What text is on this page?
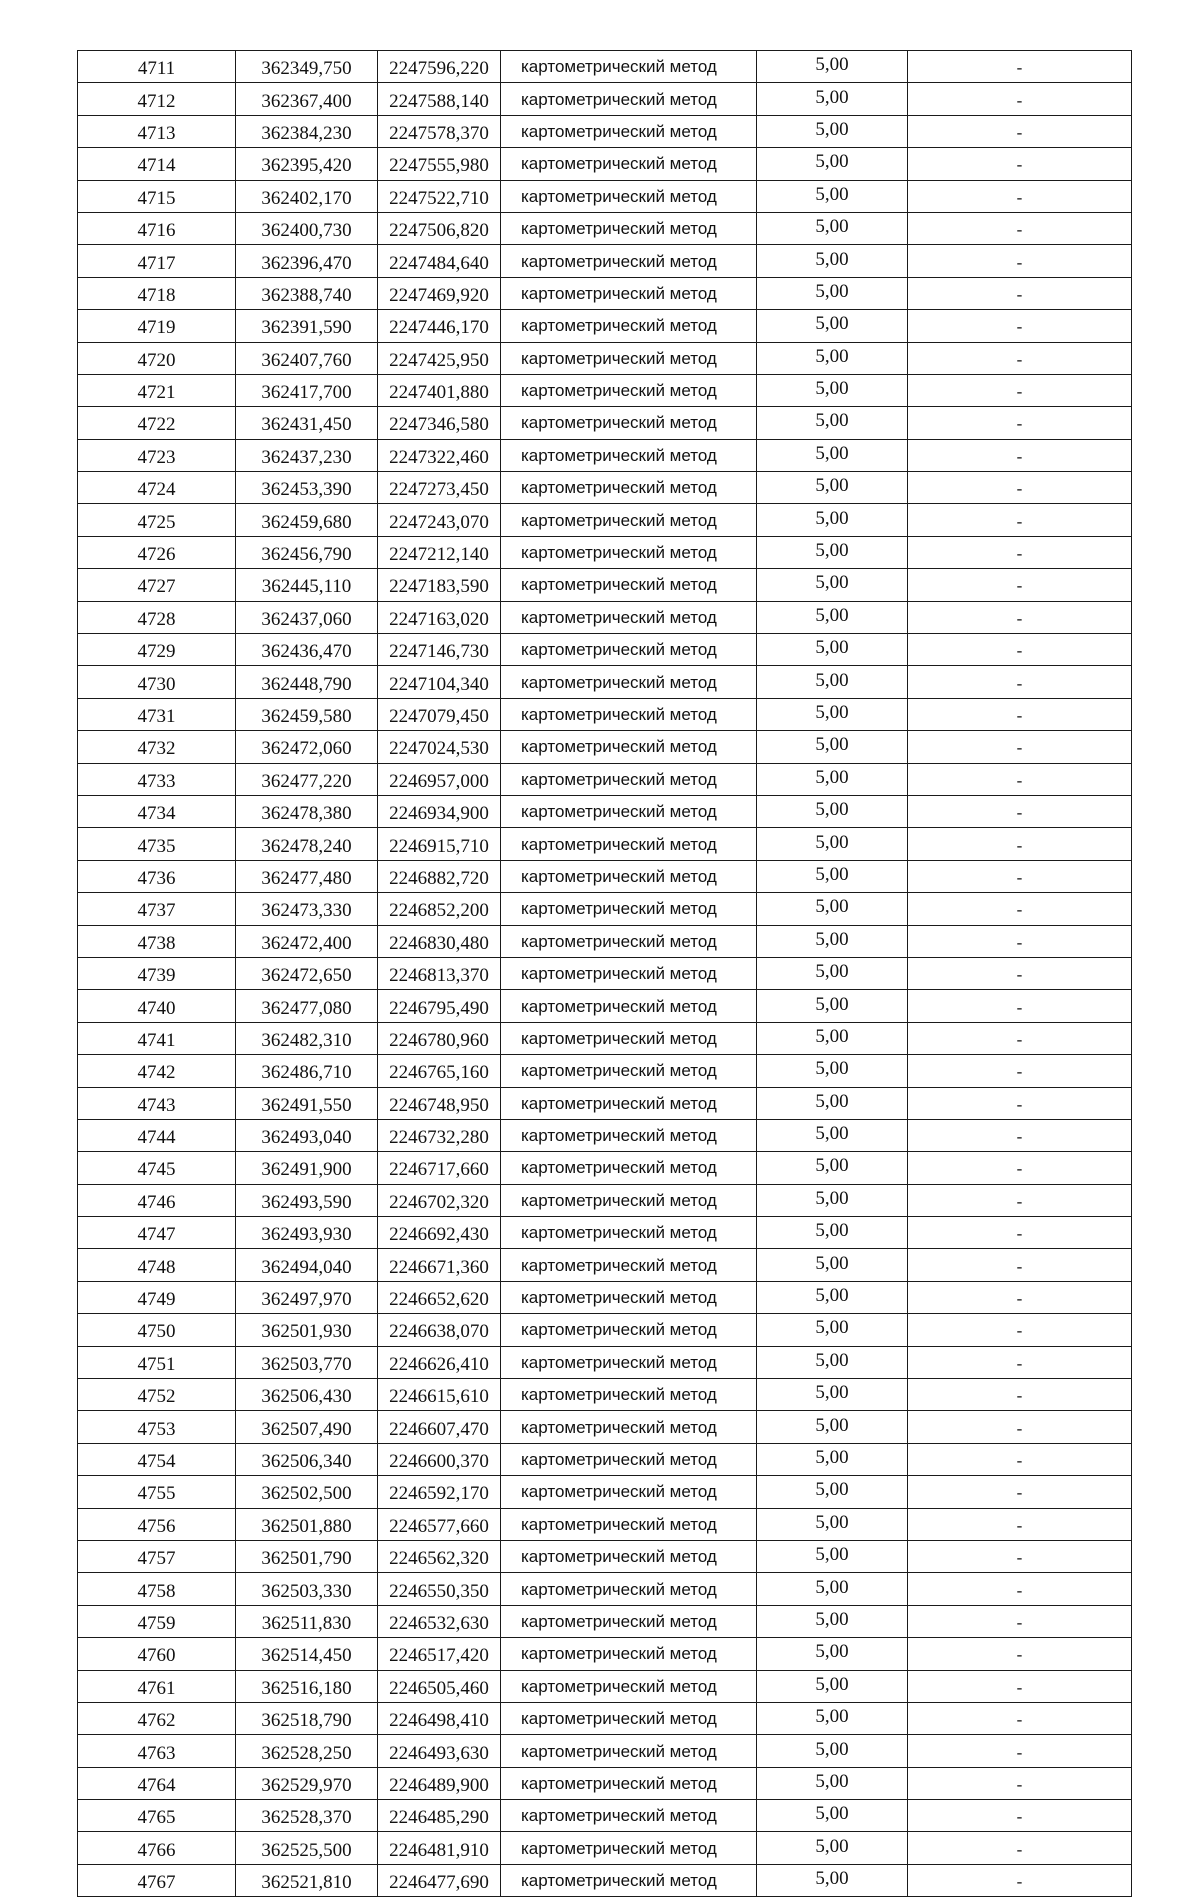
4711	362349,750	2247596,220	картометрический метод	5,00	-
4712	362367,400	2247588,140	картометрический метод	5,00	-
4713	362384,230	2247578,370	картометрический метод	5,00	-
4714	362395,420	2247555,980	картометрический метод	5,00	-
4715	362402,170	2247522,710	картометрический метод	5,00	-
4716	362400,730	2247506,820	картометрический метод	5,00	-
4717	362396,470	2247484,640	картометрический метод	5,00	-
4718	362388,740	2247469,920	картометрический метод	5,00	-
4719	362391,590	2247446,170	картометрический метод	5,00	-
4720	362407,760	2247425,950	картометрический метод	5,00	-
4721	362417,700	2247401,880	картометрический метод	5,00	-
4722	362431,450	2247346,580	картометрический метод	5,00	-
4723	362437,230	2247322,460	картометрический метод	5,00	-
4724	362453,390	2247273,450	картометрический метод	5,00	-
4725	362459,680	2247243,070	картометрический метод	5,00	-
4726	362456,790	2247212,140	картометрический метод	5,00	-
4727	362445,110	2247183,590	картометрический метод	5,00	-
4728	362437,060	2247163,020	картометрический метод	5,00	-
4729	362436,470	2247146,730	картометрический метод	5,00	-
4730	362448,790	2247104,340	картометрический метод	5,00	-
4731	362459,580	2247079,450	картометрический метод	5,00	-
4732	362472,060	2247024,530	картометрический метод	5,00	-
4733	362477,220	2246957,000	картометрический метод	5,00	-
4734	362478,380	2246934,900	картометрический метод	5,00	-
4735	362478,240	2246915,710	картометрический метод	5,00	-
4736	362477,480	2246882,720	картометрический метод	5,00	-
4737	362473,330	2246852,200	картометрический метод	5,00	-
4738	362472,400	2246830,480	картометрический метод	5,00	-
4739	362472,650	2246813,370	картометрический метод	5,00	-
4740	362477,080	2246795,490	картометрический метод	5,00	-
4741	362482,310	2246780,960	картометрический метод	5,00	-
4742	362486,710	2246765,160	картометрический метод	5,00	-
4743	362491,550	2246748,950	картометрический метод	5,00	-
4744	362493,040	2246732,280	картометрический метод	5,00	-
4745	362491,900	2246717,660	картометрический метод	5,00	-
4746	362493,590	2246702,320	картометрический метод	5,00	-
4747	362493,930	2246692,430	картометрический метод	5,00	-
4748	362494,040	2246671,360	картометрический метод	5,00	-
4749	362497,970	2246652,620	картометрический метод	5,00	-
4750	362501,930	2246638,070	картометрический метод	5,00	-
4751	362503,770	2246626,410	картометрический метод	5,00	-
4752	362506,430	2246615,610	картометрический метод	5,00	-
4753	362507,490	2246607,470	картометрический метод	5,00	-
4754	362506,340	2246600,370	картометрический метод	5,00	-
4755	362502,500	2246592,170	картометрический метод	5,00	-
4756	362501,880	2246577,660	картометрический метод	5,00	-
4757	362501,790	2246562,320	картометрический метод	5,00	-
4758	362503,330	2246550,350	картометрический метод	5,00	-
4759	362511,830	2246532,630	картометрический метод	5,00	-
4760	362514,450	2246517,420	картометрический метод	5,00	-
4761	362516,180	2246505,460	картометрический метод	5,00	-
4762	362518,790	2246498,410	картометрический метод	5,00	-
4763	362528,250	2246493,630	картометрический метод	5,00	-
4764	362529,970	2246489,900	картометрический метод	5,00	-
4765	362528,370	2246485,290	картометрический метод	5,00	-
4766	362525,500	2246481,910	картометрический метод	5,00	-
4767	362521,810	2246477,690	картометрический метод	5,00	-
